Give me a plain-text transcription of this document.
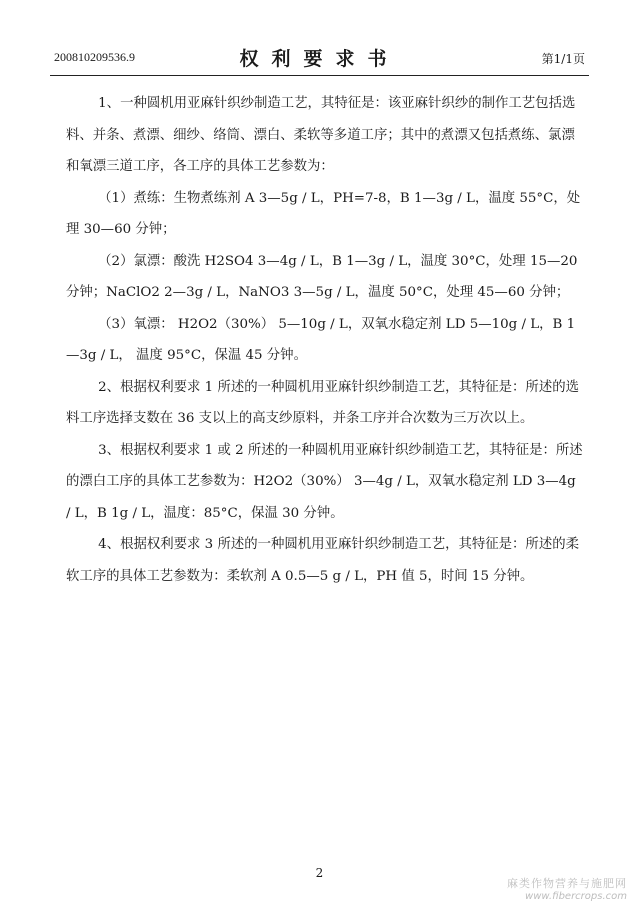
200810209536.9	权利要求书	第1/1页

1、一种圆机用亚麻针织纱制造工艺，其特征是：该亚麻针织纱的制作工艺包括选料、并条、煮漂、细纱、络筒、漂白、柔软等多道工序；其中的煮漂又包括煮练、氯漂和氧漂三道工序，各工序的具体工艺参数为：

（1）煮练：生物煮练剂 A 3—5g / L，PH=7-8，B 1—3g / L，温度 55°C，处理 30—60 分钟；

（2）氯漂：酸洗 H2SO4 3—4g / L，B 1—3g / L，温度 30°C，处理 15—20 分钟；NaClO2 2—3g / L，NaNO3 3—5g / L，温度 50°C，处理 45—60 分钟；

（3）氧漂： H2O2（30%） 5—10g / L，双氧水稳定剂 LD 5—10g / L，B 1—3g / L， 温度 95°C，保温 45 分钟。

2、根据权利要求 1 所述的一种圆机用亚麻针织纱制造工艺，其特征是：所述的选料工序选择支数在 36 支以上的高支纱原料，并条工序并合次数为三万次以上。

3、根据权利要求 1 或 2 所述的一种圆机用亚麻针织纱制造工艺，其特征是：所述的漂白工序的具体工艺参数为：H2O2（30%） 3—4g / L，双氧水稳定剂 LD 3—4g / L，B 1g / L，温度：85°C，保温 30 分钟。

4、根据权利要求 3 所述的一种圆机用亚麻针织纱制造工艺，其特征是：所述的柔软工序的具体工艺参数为：柔软剂 A 0.5—5 g / L，PH 值 5，时间 15 分钟。

2
麻类作物营养与施肥网
www.fibercrops.com
